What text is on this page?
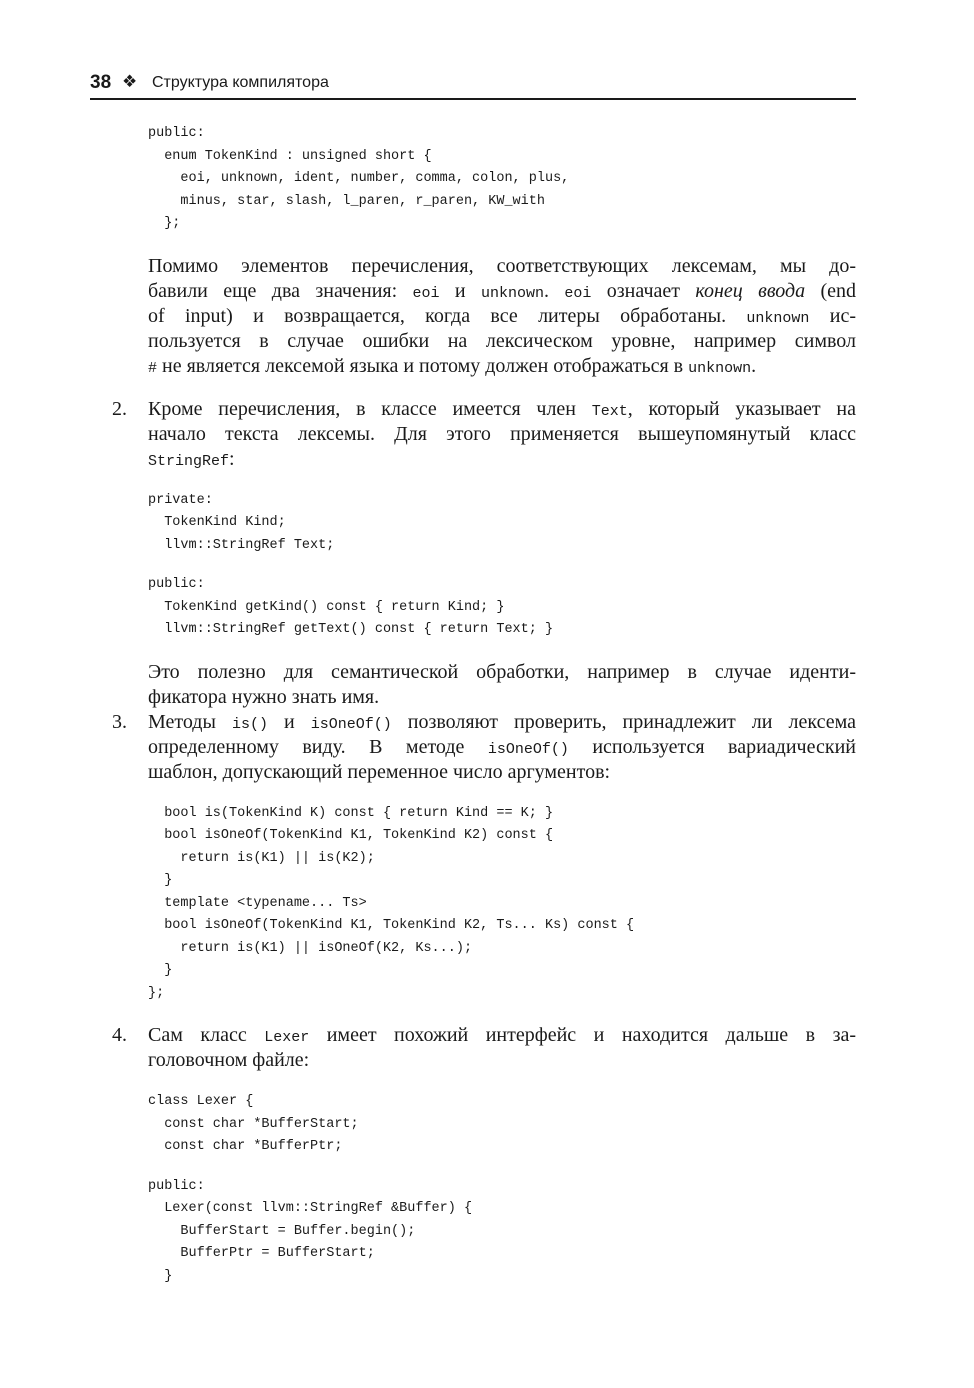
38 ❖ Структура компилятора
public:
enum TokenKind : unsigned short {
eoi, unknown, ident, number, comma, colon, plus,
minus, star, slash, l_paren, r_paren, KW_with
};
Помимо элементов перечисления, соответствующих лексемам, мы до-
бавили еще два значения: eoi и unknown. eoi означает конец ввода (end
of input) и возвращается, когда все литеры обработаны. unknown ис-
пользуется в случае ошибки на лексическом уровне, например символ
# не является лексемой языка и потому должен отображаться в unknown.
2. Кроме перечисления, в классе имеется член Text, который указывает на
начало текста лексемы. Для этого применяется вышеупомянутый класс
StringRef:
private:
TokenKind Kind;
llvm::StringRef Text;
public:
TokenKind getKind() const { return Kind; }
llvm::StringRef getText() const { return Text; }
Это полезно для семантической обработки, например в случае иденти-
фикатора нужно знать имя.
3. Методы is() и isOneOf() позволяют проверить, принадлежит ли лексема
определенному виду. В методе isOneOf() используется вариадический
шаблон, допускающий переменное число аргументов:
bool is(TokenKind K) const { return Kind == K; }
bool isOneOf(TokenKind K1, TokenKind K2) const {
return is(K1) || is(K2);
}
template <typename... Ts>
bool isOneOf(TokenKind K1, TokenKind K2, Ts... Ks) const {
return is(K1) || isOneOf(K2, Ks...);
}
};
4. Сам класс Lexer имеет похожий интерфейс и находится дальше в за-
головочном файле:
class Lexer {
const char *BufferStart;
const char *BufferPtr;
public:
Lexer(const llvm::StringRef &Buffer) {
BufferStart = Buffer.begin();
BufferPtr = BufferStart;
}
